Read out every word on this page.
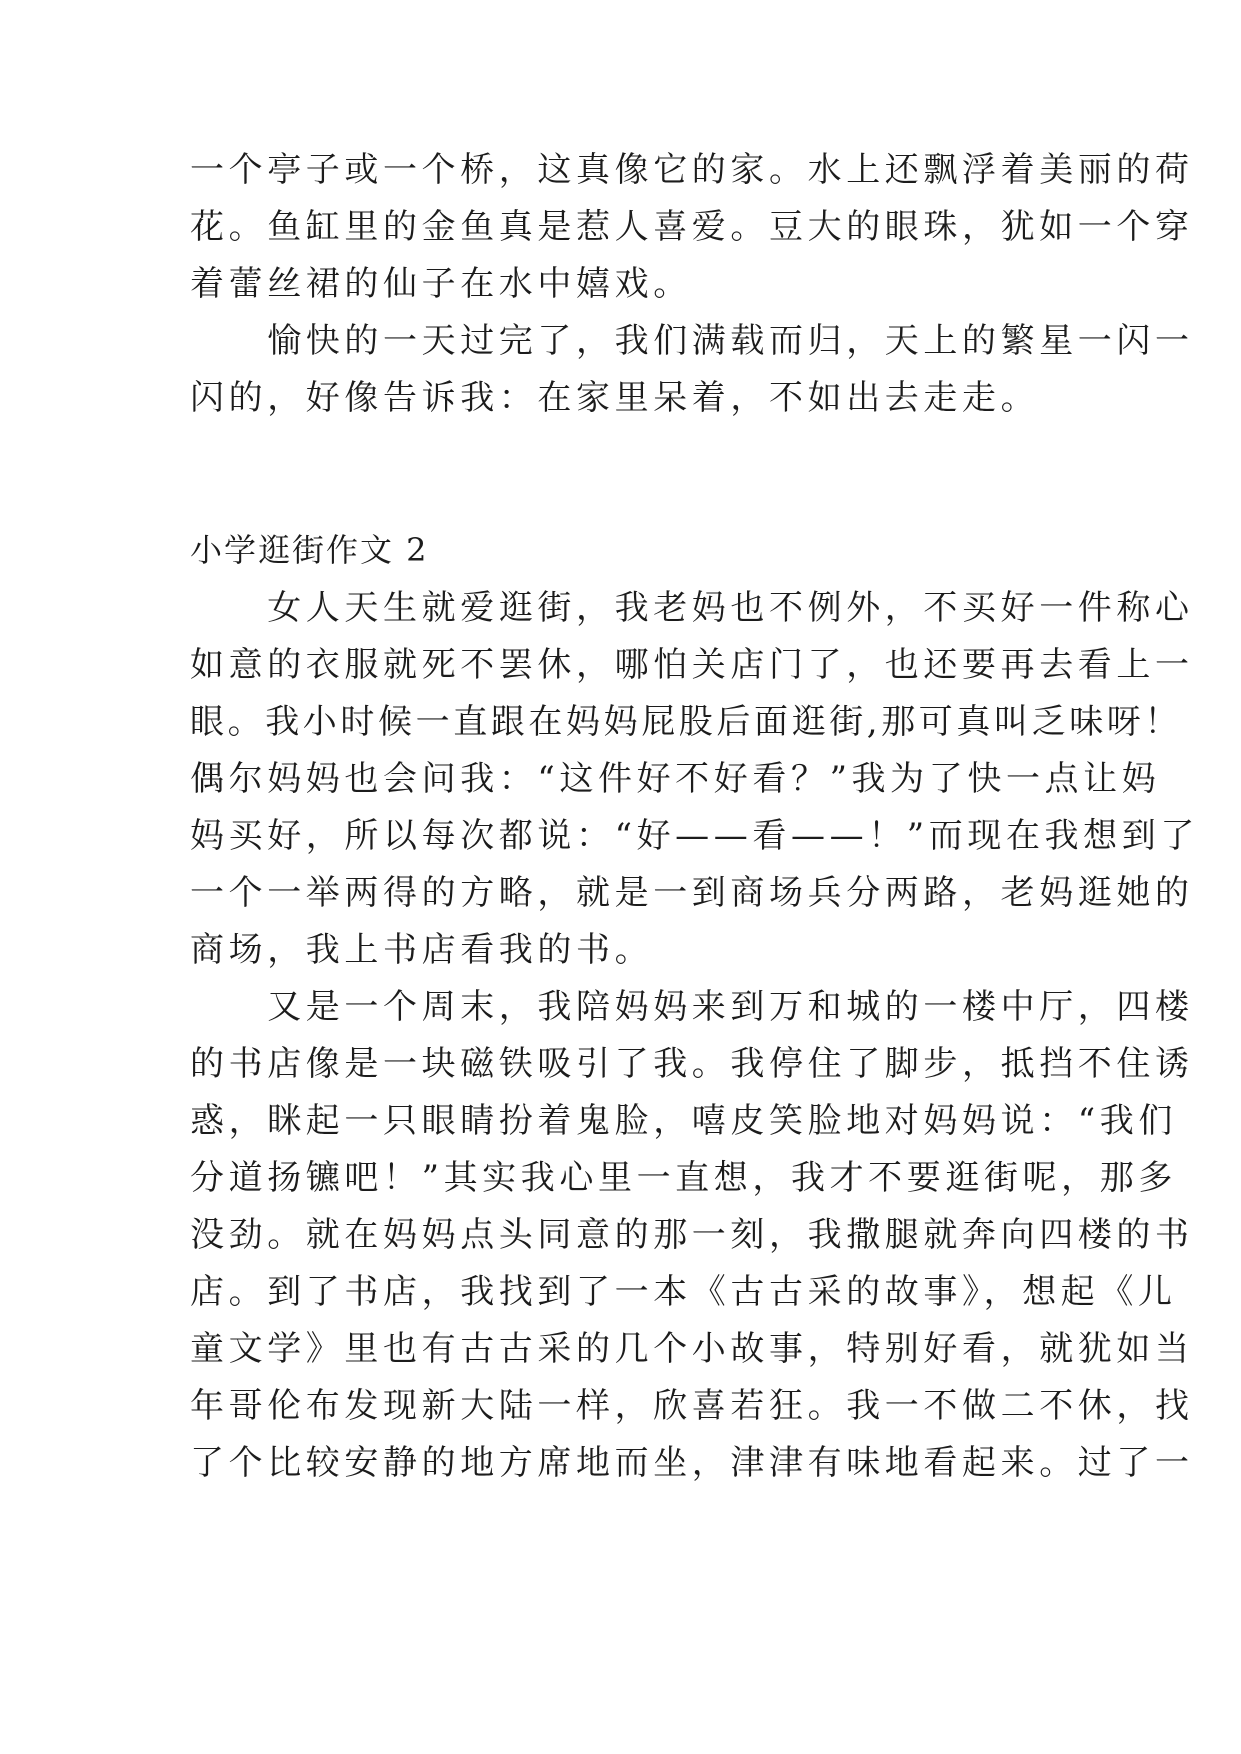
一个亭子或一个桥，这真像它的家。水上还飘浮着美丽的荷
花。鱼缸里的金鱼真是惹人喜爱。豆大的眼珠，犹如一个穿
着蕾丝裙的仙子在水中嬉戏。
　　愉快的一天过完了，我们满载而归，天上的繁星一闪一
闪的，好像告诉我：在家里呆着，不如出去走走。
小学逛街作文 2
　　女人天生就爱逛街，我老妈也不例外，不买好一件称心
如意的衣服就死不罢休，哪怕关店门了，也还要再去看上一
眼。我小时候一直跟在妈妈屁股后面逛街,那可真叫乏味呀！
偶尔妈妈也会问我：“这件好不好看？”我为了快一点让妈
妈买好，所以每次都说：“好——看——！”而现在我想到了
一个一举两得的方略，就是一到商场兵分两路，老妈逛她的
商场，我上书店看我的书。
　　又是一个周末，我陪妈妈来到万和城的一楼中厅，四楼
的书店像是一块磁铁吸引了我。我停住了脚步，抵挡不住诱
惑，眯起一只眼睛扮着鬼脸，嘻皮笑脸地对妈妈说：“我们
分道扬镳吧！”其实我心里一直想，我才不要逛街呢，那多
没劲。就在妈妈点头同意的那一刻，我撒腿就奔向四楼的书
店。到了书店，我找到了一本《古古采的故事》，想起《儿
童文学》里也有古古采的几个小故事，特别好看，就犹如当
年哥伦布发现新大陆一样，欣喜若狂。我一不做二不休，找
了个比较安静的地方席地而坐，津津有味地看起来。过了一
